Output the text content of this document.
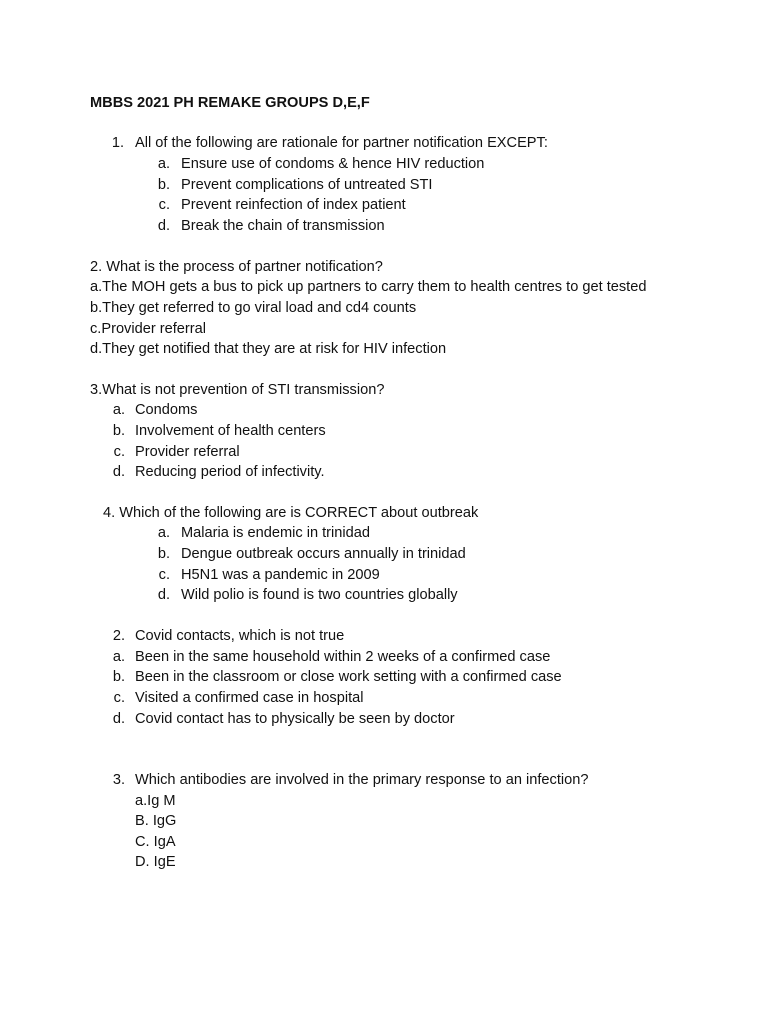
MBBS 2021 PH REMAKE GROUPS D,E,F
1. All of the following are rationale for partner notification EXCEPT:
a. Ensure use of condoms & hence HIV reduction
b. Prevent complications of untreated STI
c. Prevent reinfection of index patient
d. Break the chain of transmission
2. What is the process of partner notification?
a.The MOH gets a bus to pick up partners to carry them to health centres to get tested
b.They get referred to go viral load and cd4 counts
c.Provider referral
d.They get notified that they are at risk for HIV infection
3.What is not prevention of STI transmission?
a. Condoms
b. Involvement of health centers
c. Provider referral
d. Reducing period of infectivity.
4. Which of the following are is CORRECT about outbreak
a. Malaria is endemic in trinidad
b. Dengue outbreak occurs annually in trinidad
c. H5N1 was a pandemic in 2009
d. Wild polio is found is two countries globally
2. Covid contacts, which is not true
a. Been in the same household within 2 weeks of a confirmed case
b. Been in the classroom or close work setting with a confirmed case
c. Visited a confirmed case in hospital
d. Covid contact has to physically be seen by doctor
3. Which antibodies are involved in the primary response to an infection?
a.Ig M
B. IgG
C. IgA
D. IgE
